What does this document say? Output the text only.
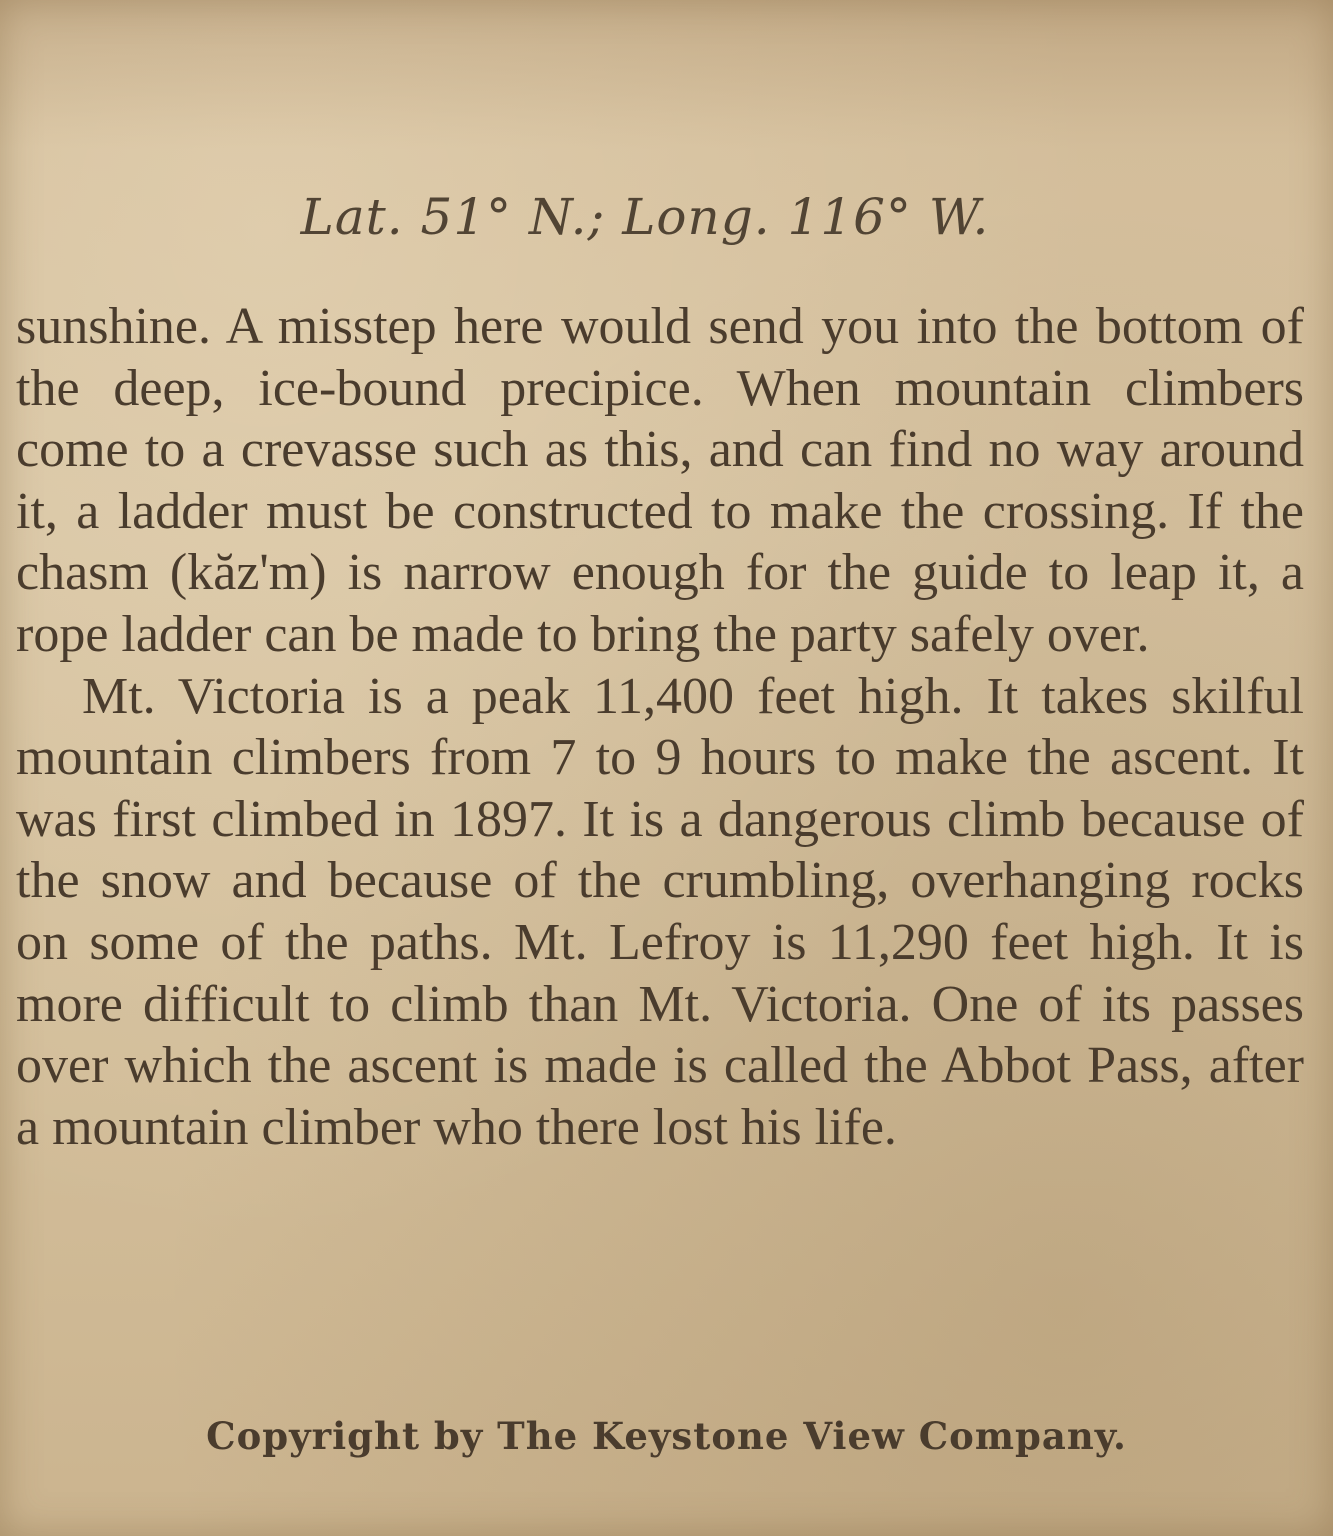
Lat. 51° N.; Long. 116° W.

sunshine. A misstep here would send you into the bottom of the deep, ice-bound precipice. When mountain climbers come to a crevasse such as this, and can find no way around it, a ladder must be constructed to make the crossing. If the chasm (kăz'm) is narrow enough for the guide to leap it, a rope ladder can be made to bring the party safely over.

Mt. Victoria is a peak 11,400 feet high. It takes skilful mountain climbers from 7 to 9 hours to make the ascent. It was first climbed in 1897. It is a dangerous climb because of the snow and because of the crumbling, overhanging rocks on some of the paths. Mt. Lefroy is 11,290 feet high. It is more difficult to climb than Mt. Victoria. One of its passes over which the ascent is made is called the Abbot Pass, after a mountain climber who there lost his life.

Copyright by The Keystone View Company.
